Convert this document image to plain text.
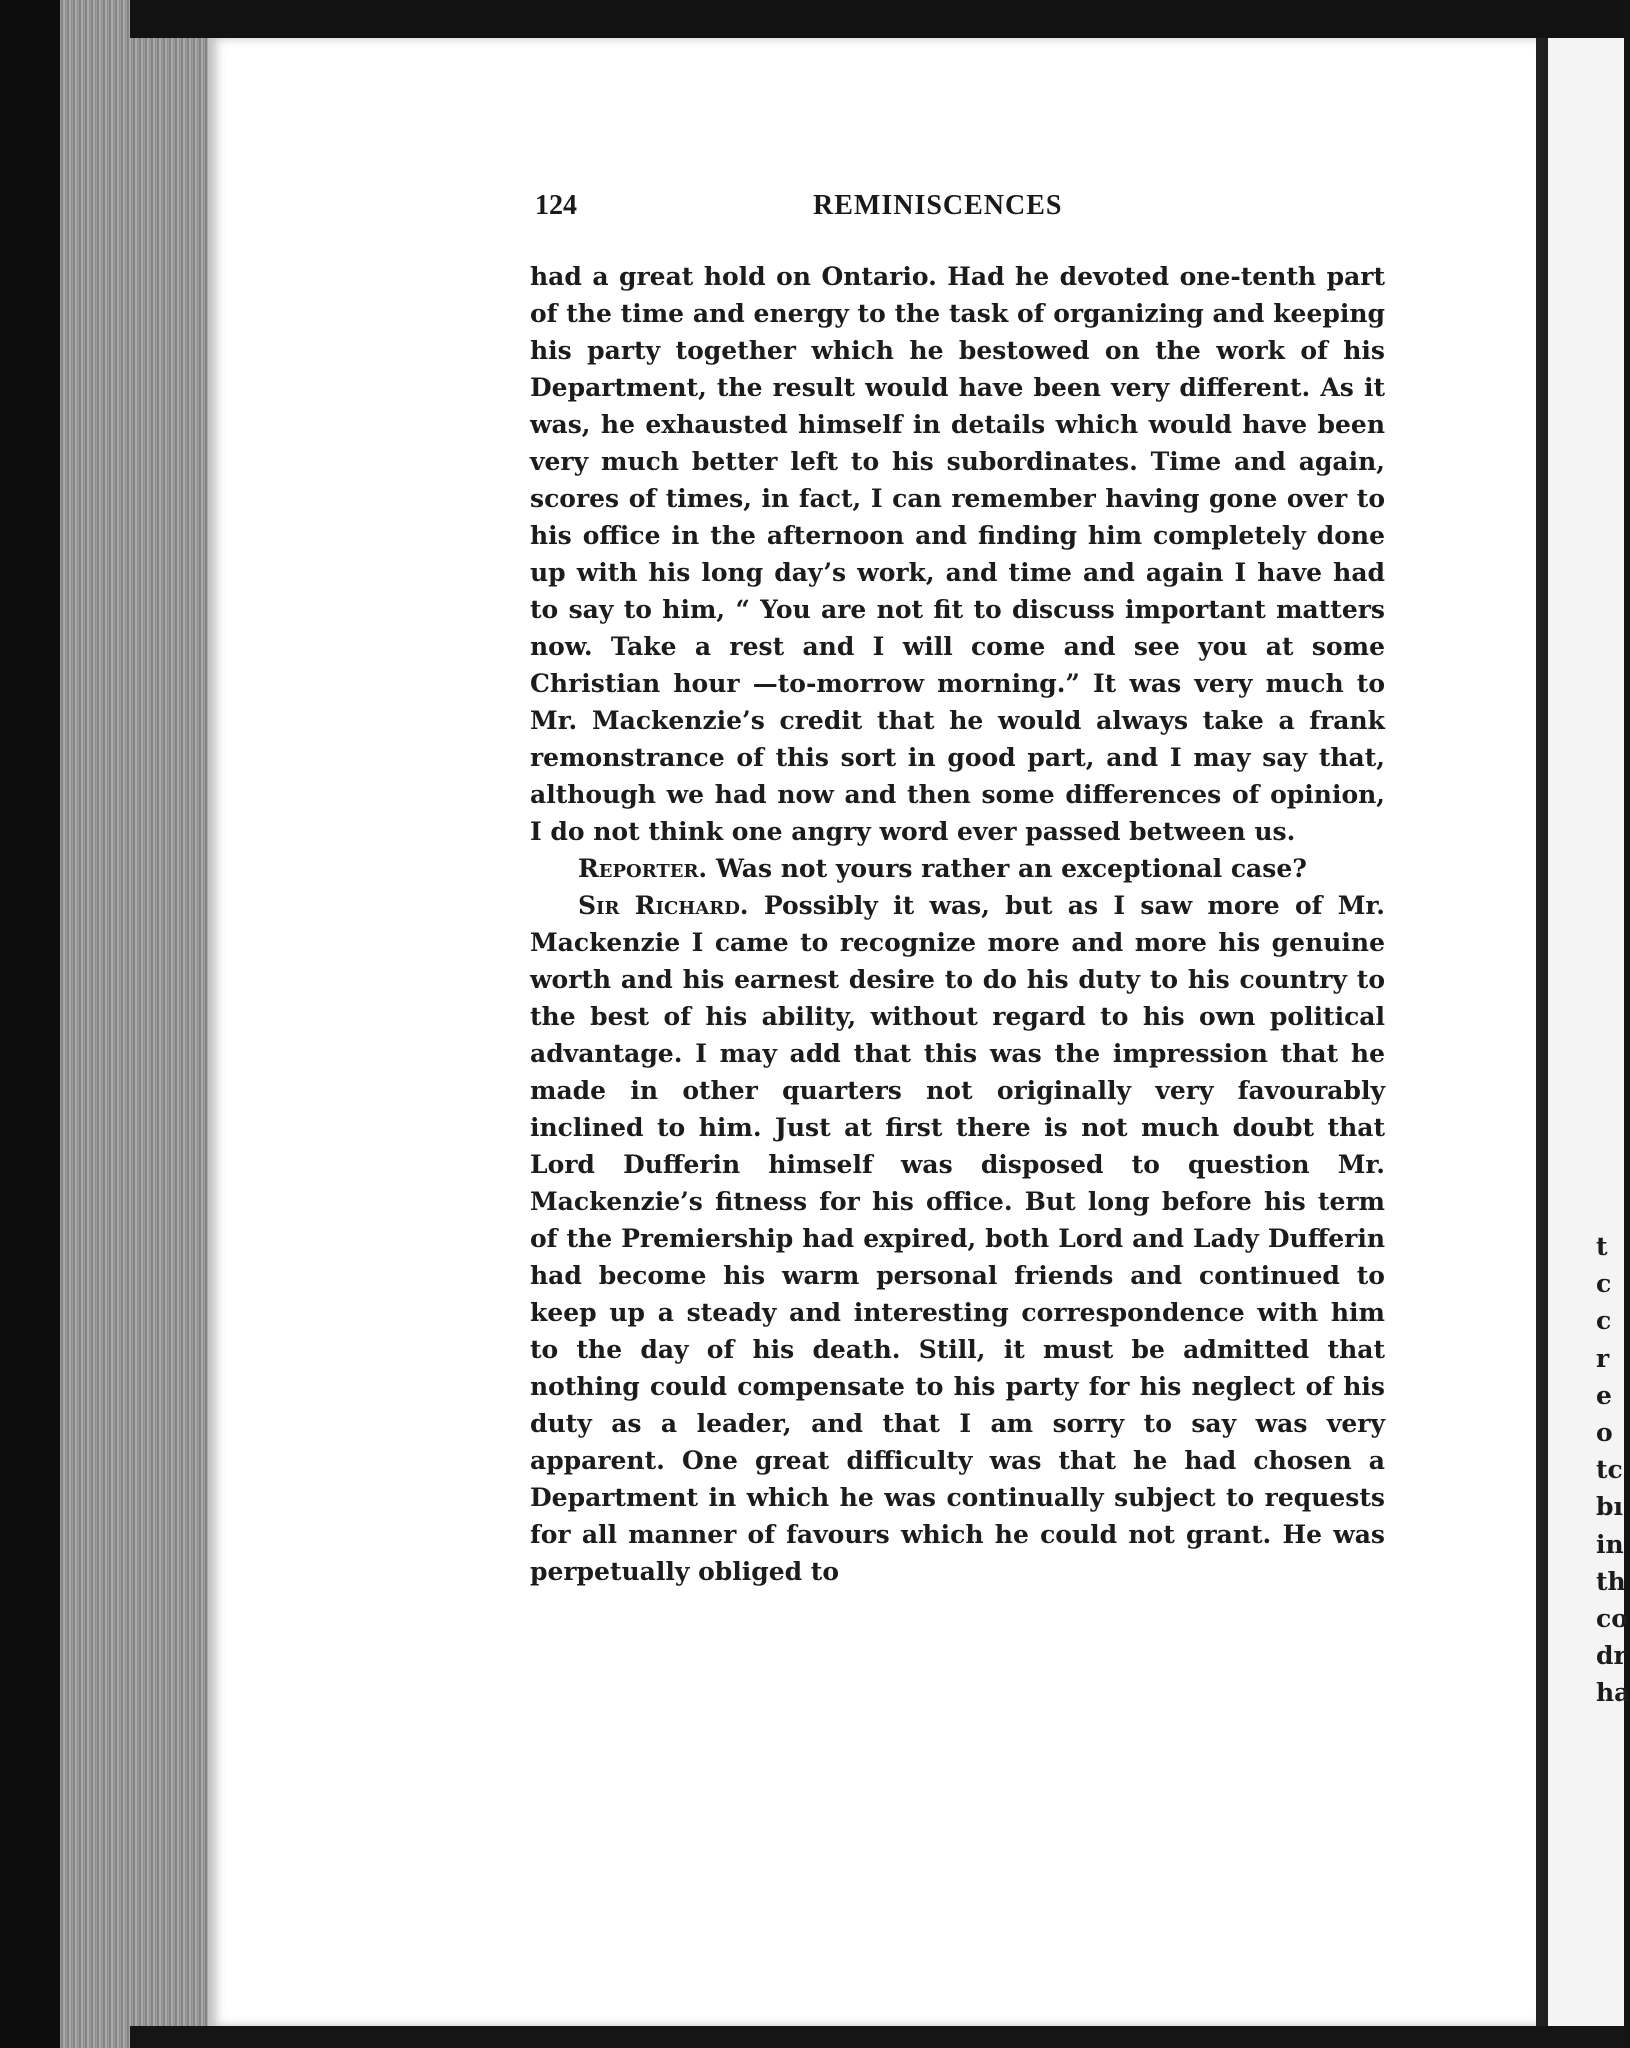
124	REMINISCENCES

had a great hold on Ontario. Had he devoted one-tenth part of the time and energy to the task of organizing and keeping his party together which he bestowed on the work of his Department, the result would have been very different. As it was, he exhausted himself in details which would have been very much better left to his subordinates. Time and again, scores of times, in fact, I can remember having gone over to his office in the afternoon and finding him completely done up with his long day’s work, and time and again I have had to say to him, “ You are not fit to discuss important matters now. Take a rest and I will come and see you at some Christian hour —to-morrow morning.” It was very much to Mr. Mackenzie’s credit that he would always take a frank remonstrance of this sort in good part, and I may say that, although we had now and then some differences of opinion, I do not think one angry word ever passed between us.

Reporter. Was not yours rather an exceptional case?

Sir Richard. Possibly it was, but as I saw more of Mr. Mackenzie I came to recognize more and more his genuine worth and his earnest desire to do his duty to his country to the best of his ability, without regard to his own political advantage. I may add that this was the impression that he made in other quarters not originally very favourably inclined to him. Just at first there is not much doubt that Lord Dufferin himself was disposed to question Mr. Mackenzie’s fitness for his office. But long before his term of the Premiership had expired, both Lord and Lady Dufferin had become his warm personal friends and continued to keep up a steady and interesting correspondence with him to the day of his death. Still, it must be admitted that nothing could compensate to his party for his neglect of his duty as a leader, and that I am sorry to say was very apparent. One great difficulty was that he had chosen a Department in which he was continually subject to requests for all manner of favours which he could not grant. He was perpetually obliged to

t
c
c
r
e
o
tc
bı
in
th
co
dr
ha
